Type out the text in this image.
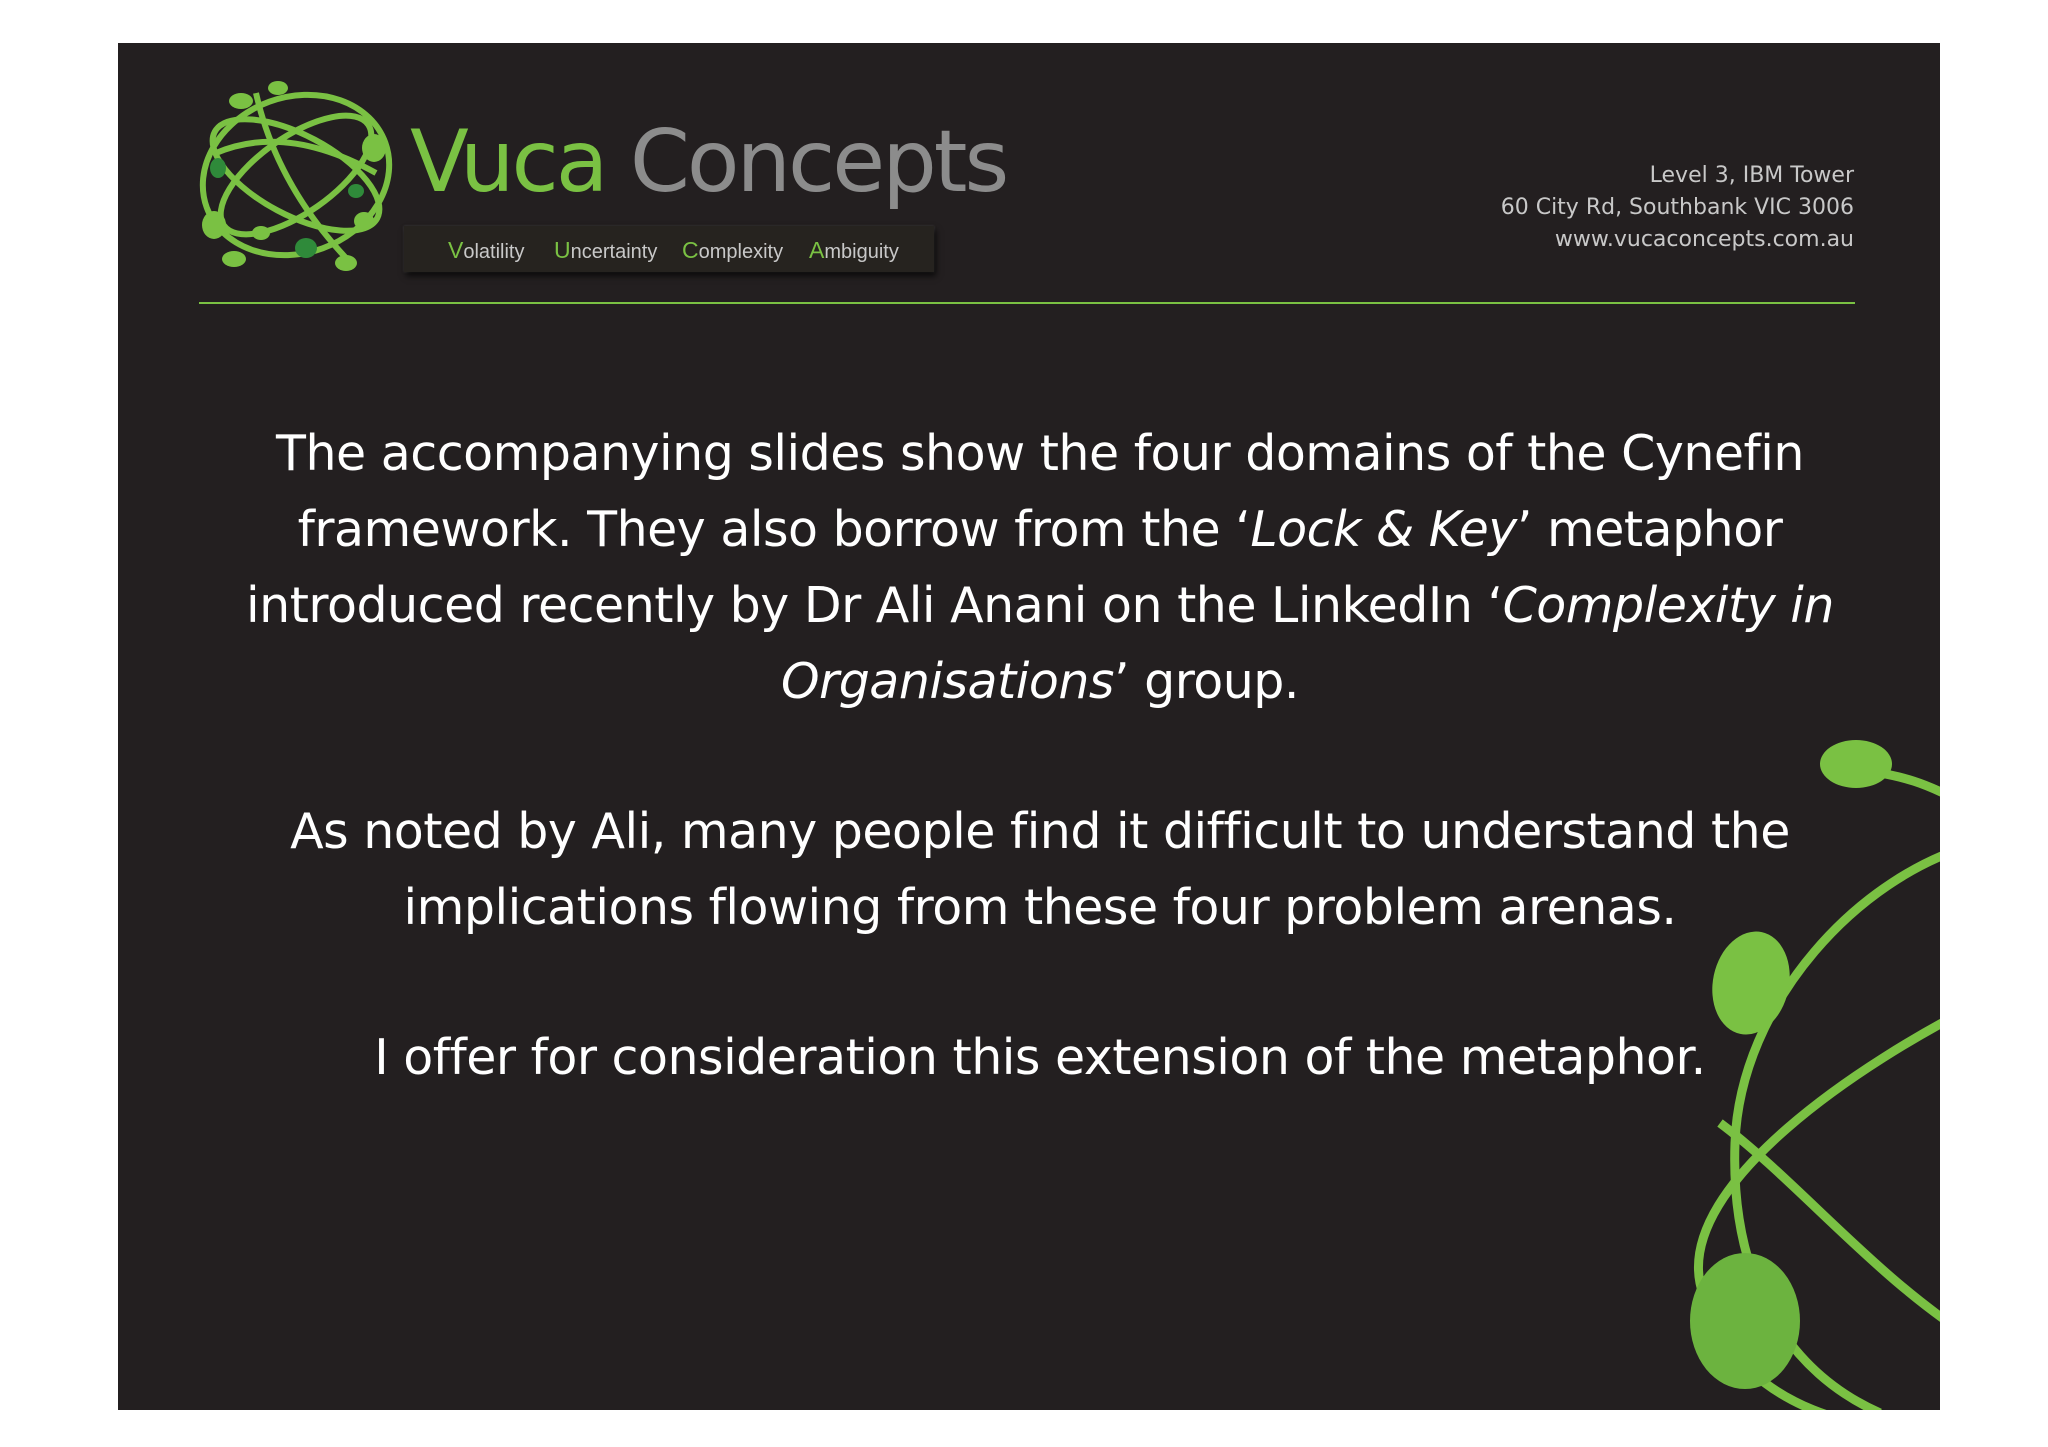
Vuca Concepts
Volatility Uncertainty Complexity Ambiguity
Level 3, IBM Tower
60 City Rd, Southbank VIC 3006
www.vucaconcepts.com.au

The accompanying slides show the four domains of the Cynefin framework. They also borrow from the ‘Lock & Key’ metaphor introduced recently by Dr Ali Anani on the LinkedIn ‘Complexity in Organisations’ group.

As noted by Ali, many people find it difficult to understand the implications flowing from these four problem arenas.

I offer for consideration this extension of the metaphor.
